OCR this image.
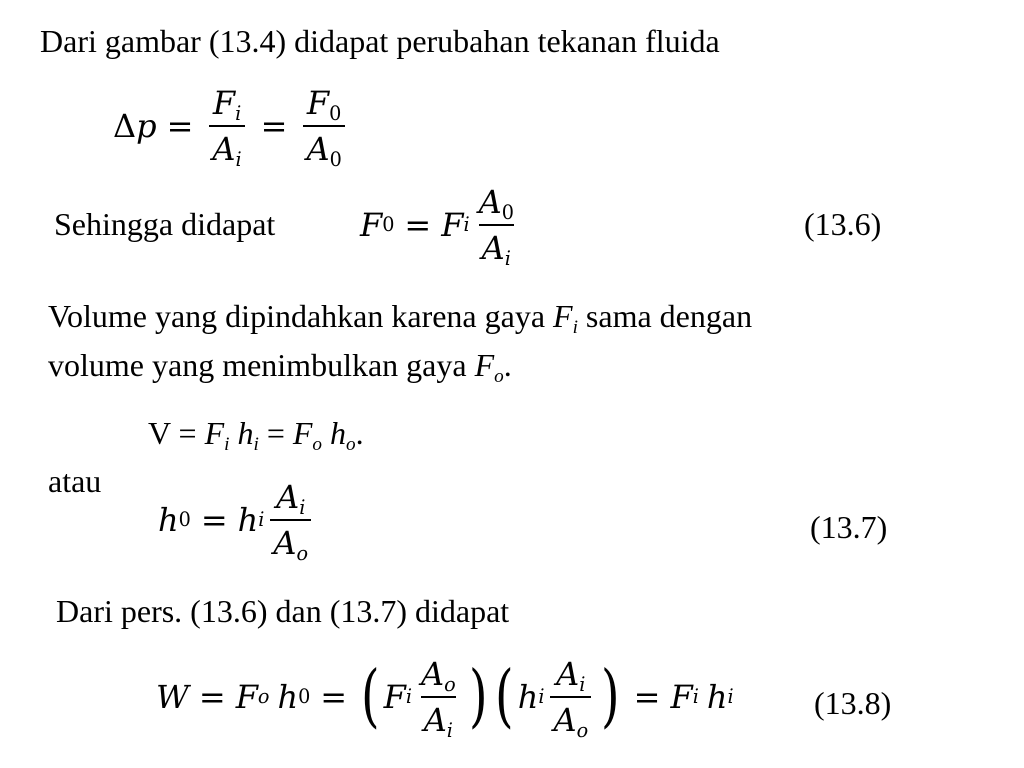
Dari gambar (13.4) didapat perubahan tekanan fluida
Δ $p = \frac{F_i}{A_i} = \frac{F_0}{A_0}$
Sehingga didapat	F 0 = F i $\frac{A_0}{A_i}$	(13.6)
Volume yang dipindahkan karena gaya $F_i$ sama dengan
volume yang menimbulkan gaya $F_o$.
$V = F_i$ $h_i = F_o$ $h_o$.
atau
h 0 = h i $\frac{A_i}{A_o}$	(13.7)
Dari pers. (13.6) dan (13.7) didapat
W = F o h 0 = ( F i $\frac{A_o}{A_i}$ ) ( h i $\frac{A_i}{A_o}$ ) = F i h i	(13.8)
